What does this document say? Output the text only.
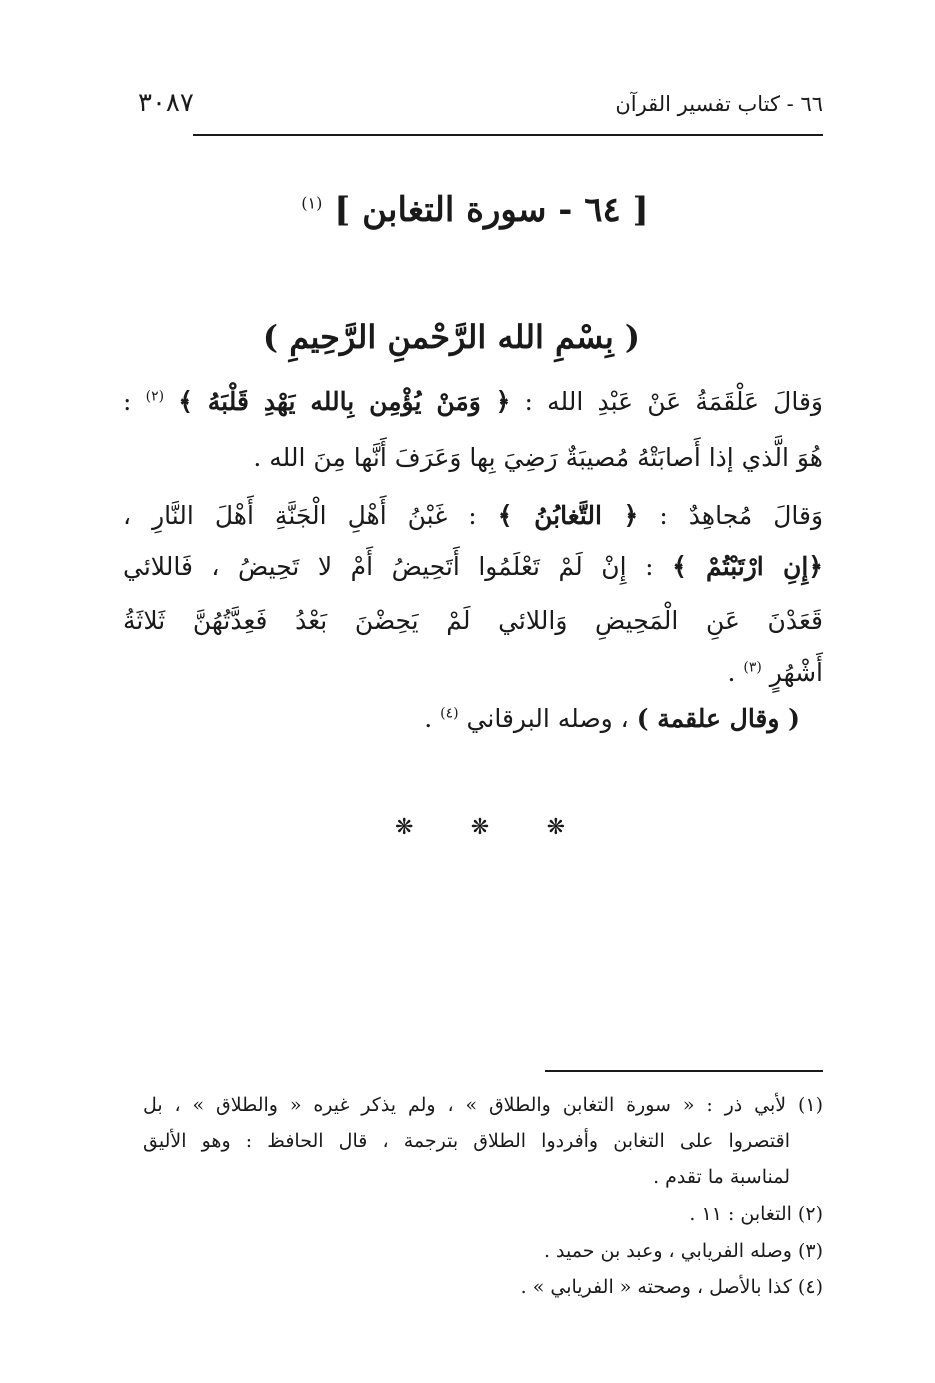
٣٠٨٧	٦٦ - كتاب تفسير القرآن
[ ٦٤ - سورة التغابن ] $^{(١)}$
( بِسْمِ الله الرَّحْمنِ الرَّحِيمِ )
وَقالَ عَلْقَمَةُ عَنْ عَبْدِ الله : ﴿ وَمَنْ يُؤْمِن بِالله يَهْدِ قَلْبَهُ ﴾ $^{(٢)}$ :
هُوَ الَّذي إذا أَصابَتْهُ مُصيبَةٌ رَضِيَ بِها وَعَرَفَ أَنَّها مِنَ الله .
وَقالَ مُجاهِدٌ : ﴿ التَّغابُنُ ﴾ : غَبْنُ أَهْلِ الْجَنَّةِ أَهْلَ النَّارِ ،
﴿إِنِ ارْتَبْتُمْ ﴾ : إِنْ لَمْ تَعْلَمُوا أَتَحِيضُ أَمْ لا تَحِيضُ ، فَاللائي
قَعَدْنَ عَنِ الْمَحِيضِ وَاللائي لَمْ يَحِضْنَ بَعْدُ فَعِدَّتُهُنَّ ثَلاثَةُ
أَشْهُرٍ $^{(٣)}$ .
( وقال علقمة ) ، وصله البرقاني $^{(٤)}$ .
❋	❋	❋
(١) لأبي ذر : « سورة التغابن والطلاق » ، ولم يذكر غيره « والطلاق » ، بل
اقتصروا على التغابن وأفردوا الطلاق بترجمة ، قال الحافظ : وهو الأليق
لمناسبة ما تقدم .
(٢) التغابن : ١١ .
(٣) وصله الفريابي ، وعبد بن حميد .
(٤) كذا بالأصل ، وصحته « الفريابي » .
